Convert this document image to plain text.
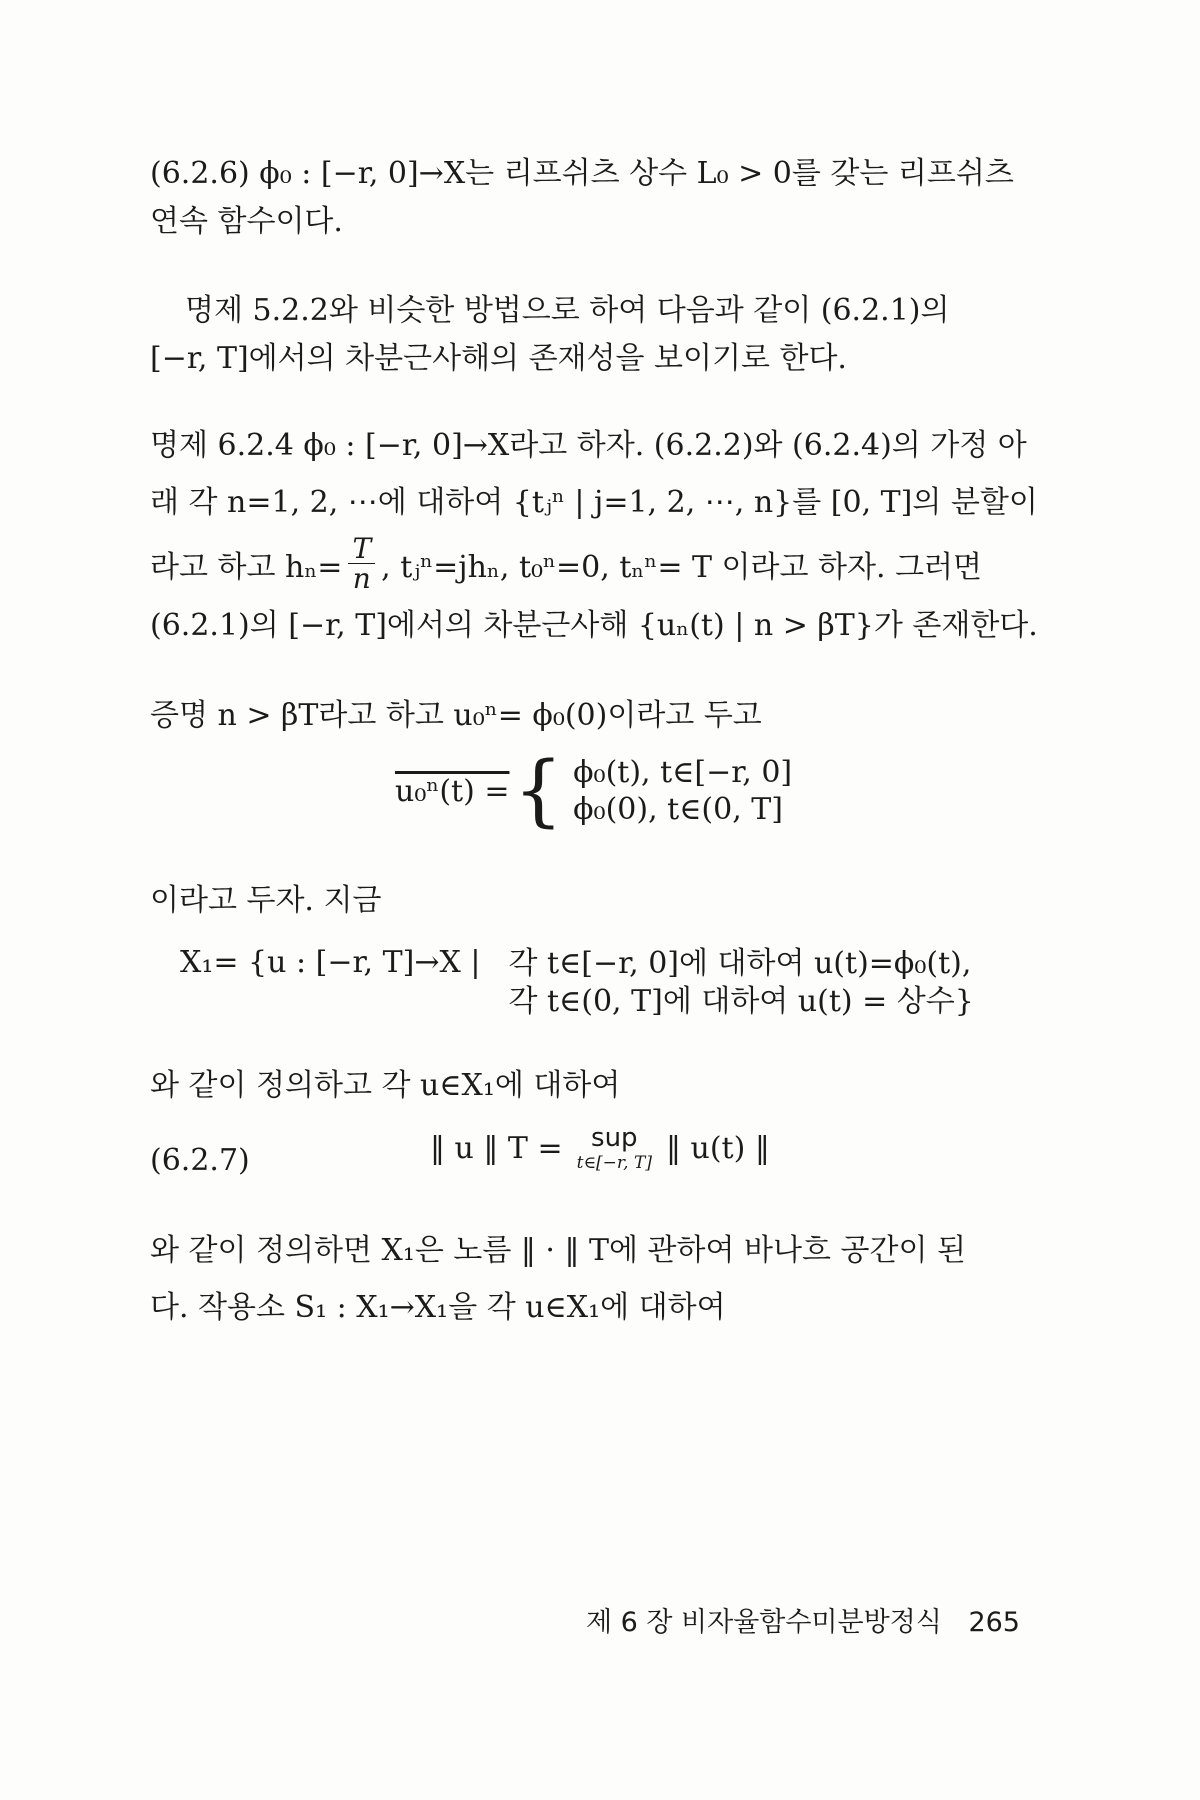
(6.2.6) ϕ₀ : [−r, 0]→X는 리프쉬츠 상수 L₀ > 0를 갖는 리프쉬츠
연속 함수이다.
명제 5.2.2와 비슷한 방법으로 하여 다음과 같이 (6.2.1)의
[−r, T]에서의 차분근사해의 존재성을 보이기로 한다.
명제 6.2.4 ϕ₀ : [−r, 0]→X라고 하자. (6.2.2)와 (6.2.4)의 가정 아
래 각 n=1, 2, ⋯에 대하여 {tⱼⁿ | j=1, 2, ⋯, n}를 [0, T]의 분할이
라고 하고 $h_n= \frac{T}{n}$ , tⱼⁿ=jhₙ, t₀ⁿ=0, tₙⁿ= T 이라고 하자. 그러면
(6.2.1)의 [−r, T]에서의 차분근사해 {uₙ(t) | n > βT}가 존재한다.
증명 n > βT라고 하고 u₀ⁿ= ϕ₀(0)이라고 두고
u₀ⁿ(t) = { ϕ₀(t), t∈[−r, 0]
ϕ₀(0), t∈(0, T]
이라고 두자. 지금
X₁= {u : [−r, T]→X | 각 t∈[−r, 0]에 대하여 u(t)=ϕ₀(t),
각 t∈(0, T]에 대하여 u(t) = 상수}
와 같이 정의하고 각 u∈X₁에 대하여
(6.2.7)	‖ u ‖ T = sup
t∈[−r, T] ‖ u(t) ‖
와 같이 정의하면 X₁은 노름 ‖ · ‖ T에 관하여 바나흐 공간이 된
다. 작용소 S₁ : X₁→X₁을 각 u∈X₁에 대하여
제 6 장 비자율함수미분방정식 265
